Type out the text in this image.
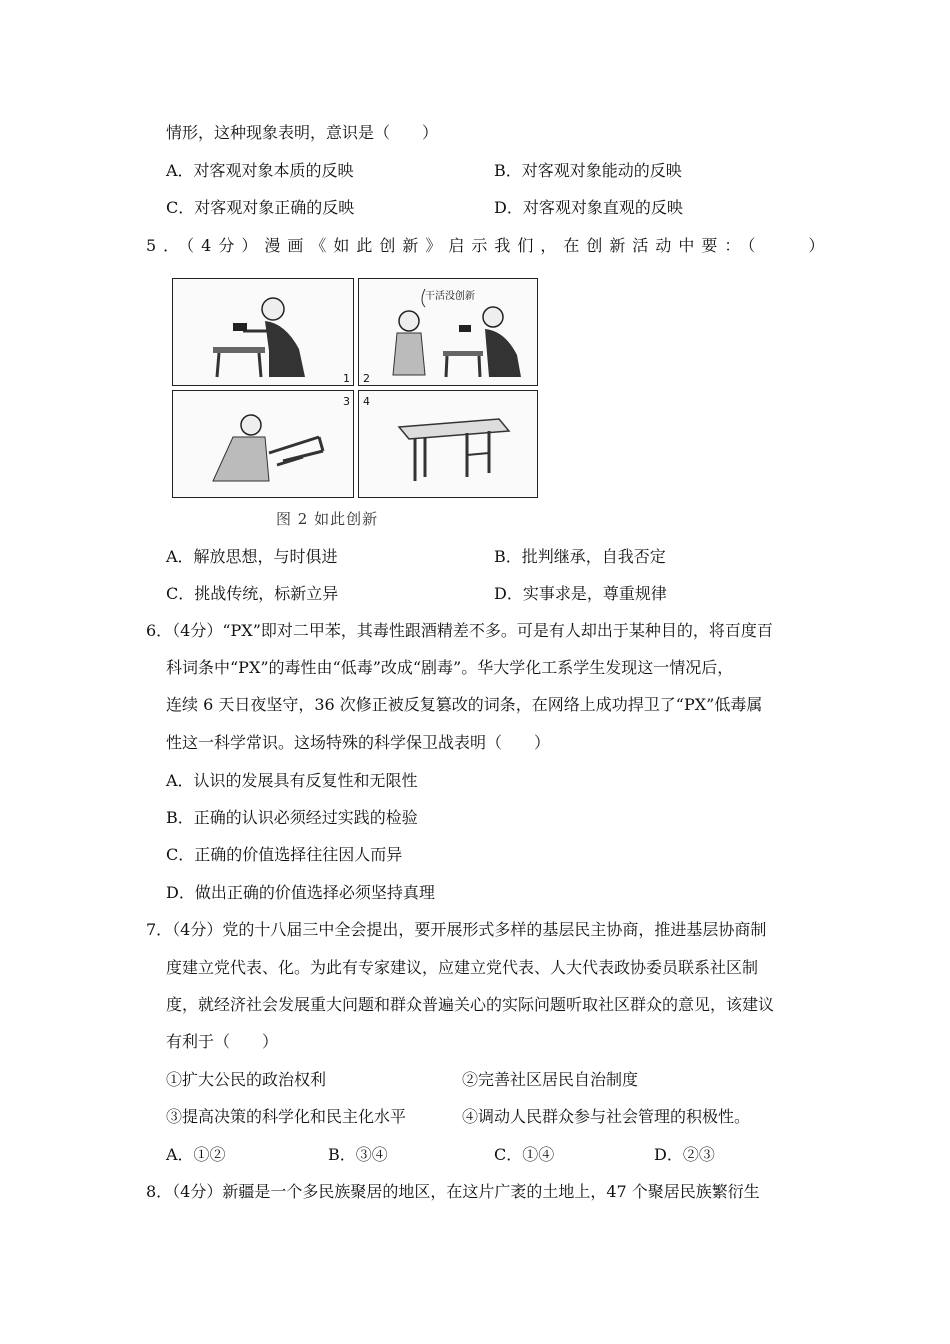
情形，这种现象表明，意识是（　　）
A．对客观对象本质的反映	B．对客观对象能动的反映
C．对客观对象正确的反映	D．对客观对象直观的反映
5．（4分）漫画《如此创新》启示我们，在创新活动中要：（　　）
1
干活没创新
2
3 4
图 2 如此创新
A．解放思想，与时俱进	B．批判继承，自我否定
C．挑战传统，标新立异	D．实事求是，尊重规律
6．（4分）“PX”即对二甲苯，其毒性跟酒精差不多。可是有人却出于某种目的，将百度百
科词条中“PX”的毒性由“低毒”改成“剧毒”。华大学化工系学生发现这一情况后，
连续 6 天日夜坚守，36 次修正被反复篡改的词条，在网络上成功捍卫了“PX”低毒属
性这一科学常识。这场特殊的科学保卫战表明（　　）
A．认识的发展具有反复性和无限性
B．正确的认识必须经过实践的检验
C．正确的价值选择往往因人而异
D．做出正确的价值选择必须坚持真理
7．（4分）党的十八届三中全会提出，要开展形式多样的基层民主协商，推进基层协商制
度建立党代表、化。为此有专家建议，应建立党代表、人大代表政协委员联系社区制
度，就经济社会发展重大问题和群众普遍关心的实际问题听取社区群众的意见，该建议
有利于（　　）
①扩大公民的政治权利	②完善社区居民自治制度
③提高决策的科学化和民主化水平	④调动人民群众参与社会管理的积极性。
A．①②	B．③④	C．①④	D．②③
8．（4分）新疆是一个多民族聚居的地区，在这片广袤的土地上，47 个聚居民族繁衍生
